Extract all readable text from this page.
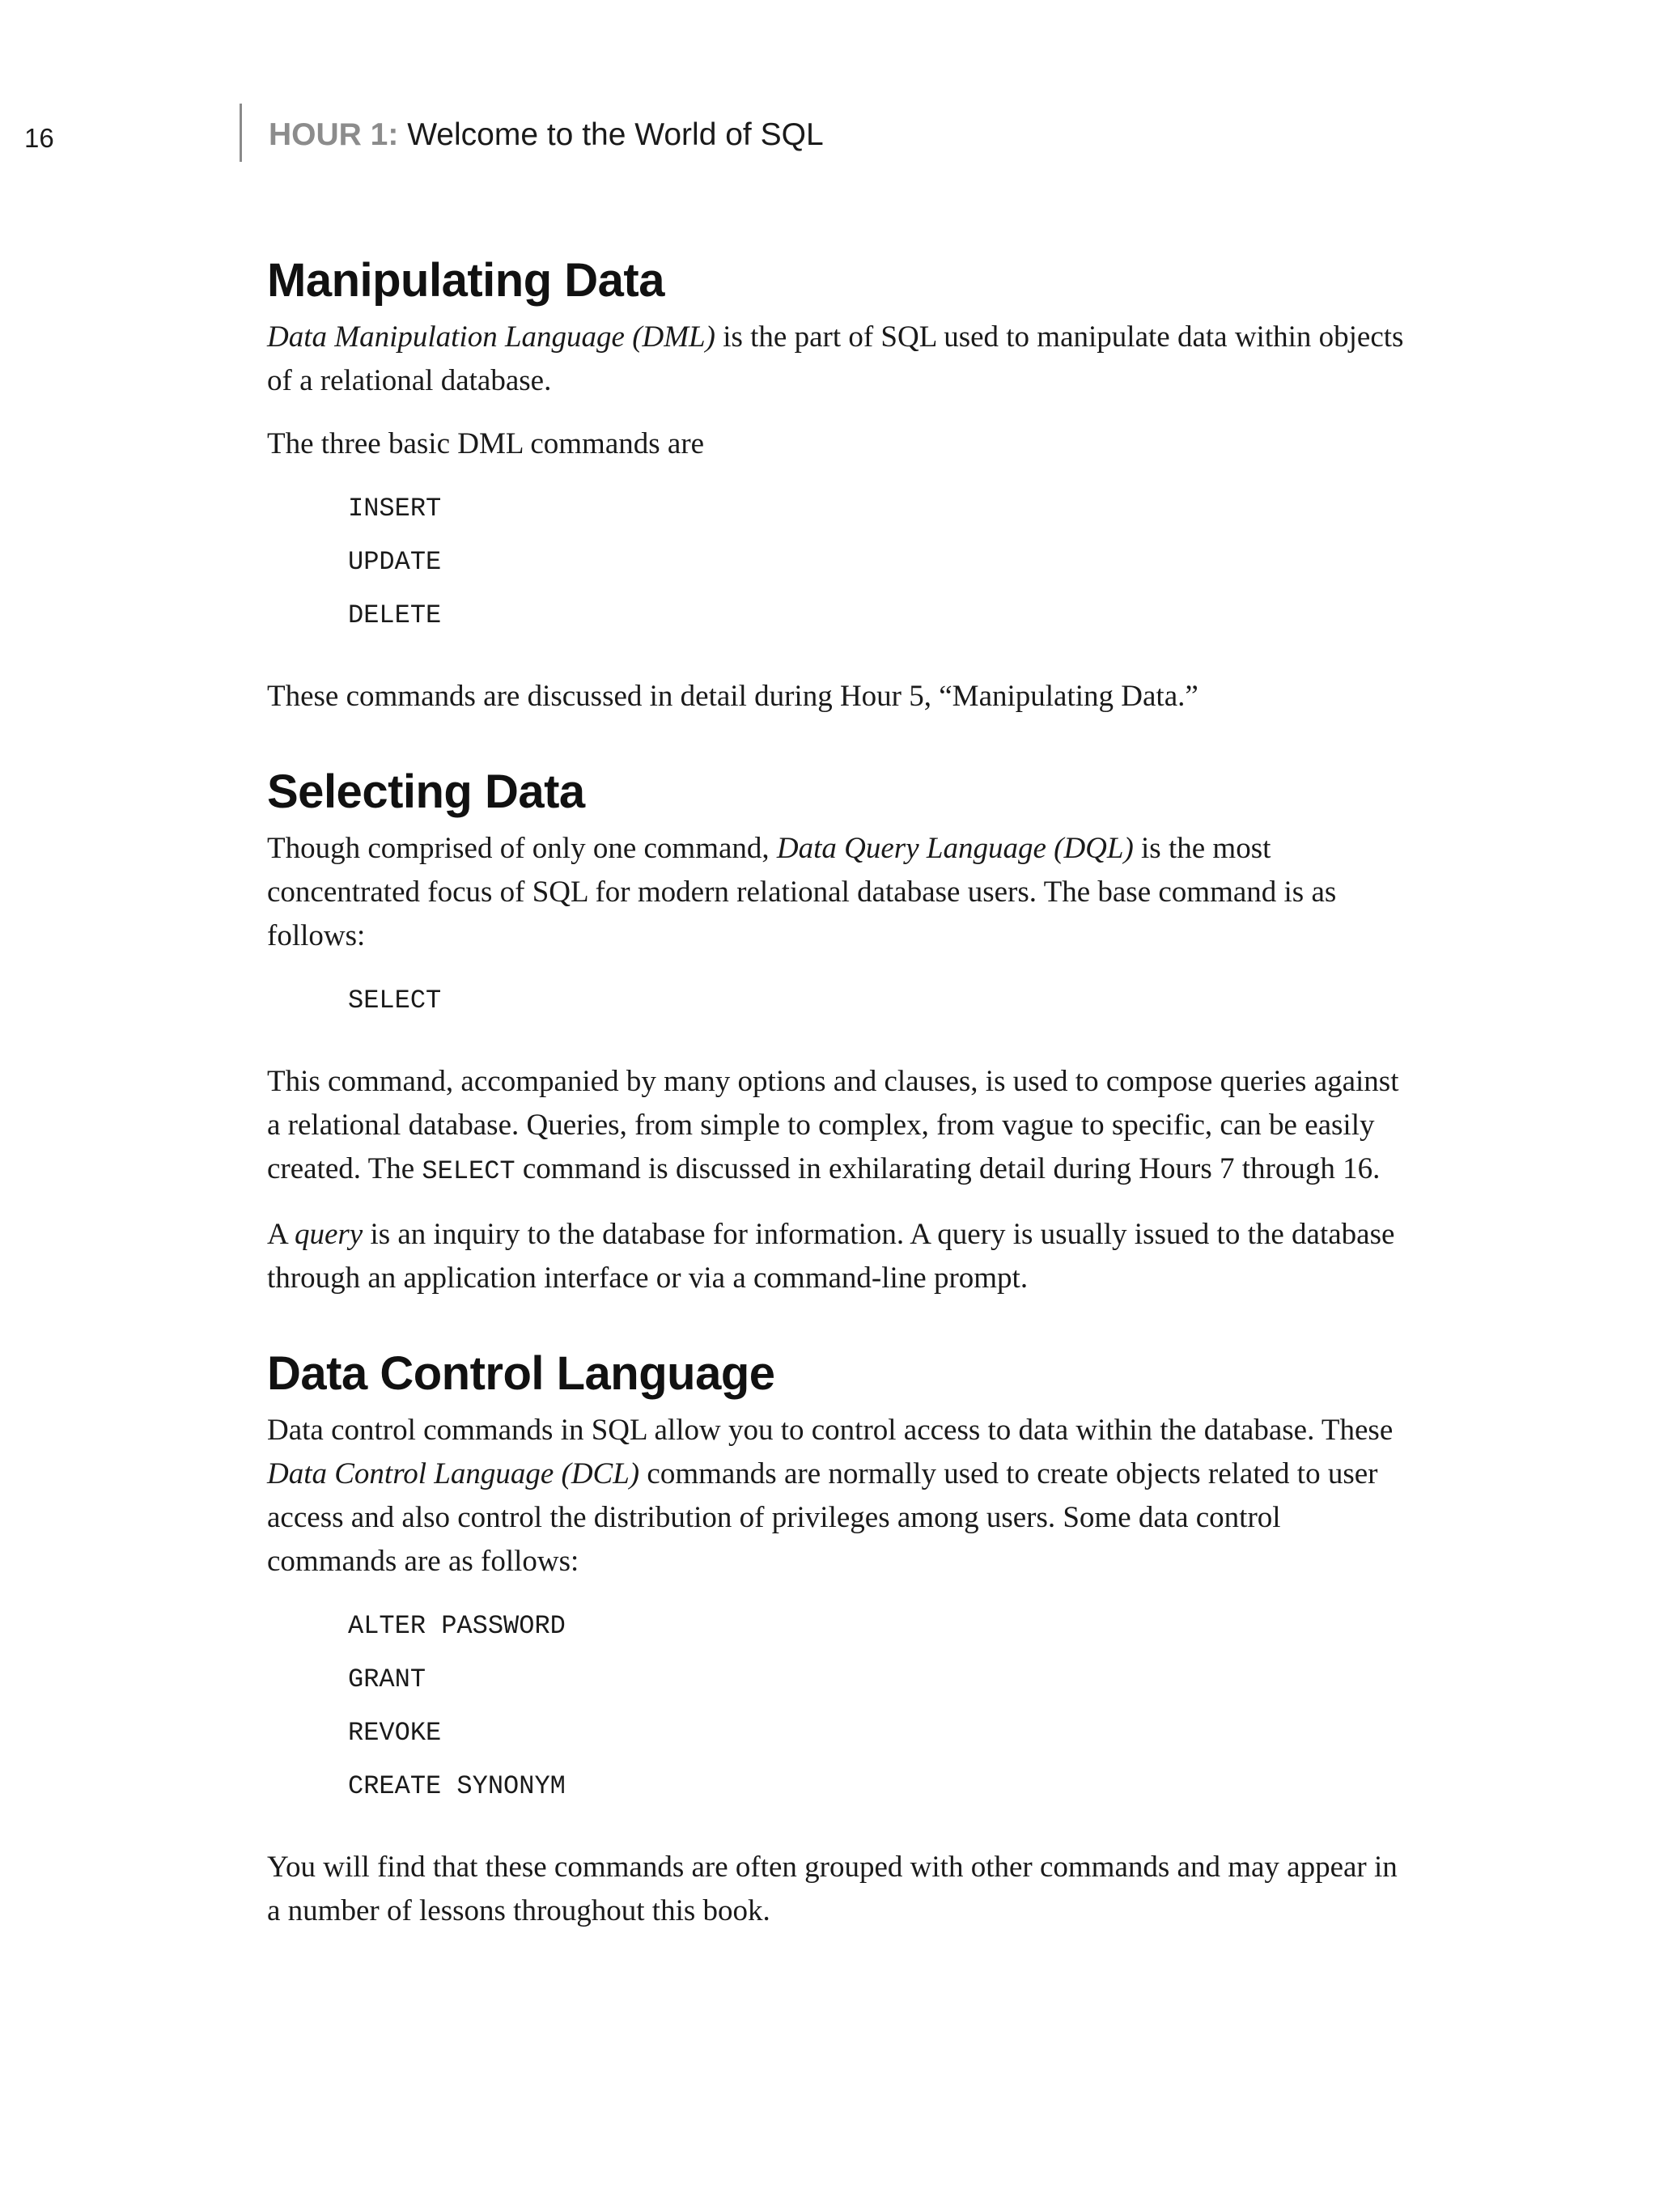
16	HOUR 1: Welcome to the World of SQL
Manipulating Data

Data Manipulation Language (DML) is the part of SQL used to manipulate data within objects of a relational database.

The three basic DML commands are

INSERT
UPDATE
DELETE

These commands are discussed in detail during Hour 5, “Manipulating Data.”

Selecting Data

Though comprised of only one command, Data Query Language (DQL) is the most concentrated focus of SQL for modern relational database users. The base command is as follows:

SELECT

This command, accompanied by many options and clauses, is used to compose queries against a relational database. Queries, from simple to complex, from vague to specific, can be easily created. The SELECT command is discussed in exhilarating detail during Hours 7 through 16.

A query is an inquiry to the database for information. A query is usually issued to the database through an application interface or via a command-line prompt.

Data Control Language

Data control commands in SQL allow you to control access to data within the database. These Data Control Language (DCL) commands are normally used to create objects related to user access and also control the distribution of privileges among users. Some data control commands are as follows:

ALTER PASSWORD
GRANT
REVOKE
CREATE SYNONYM

You will find that these commands are often grouped with other commands and may appear in a number of lessons throughout this book.
